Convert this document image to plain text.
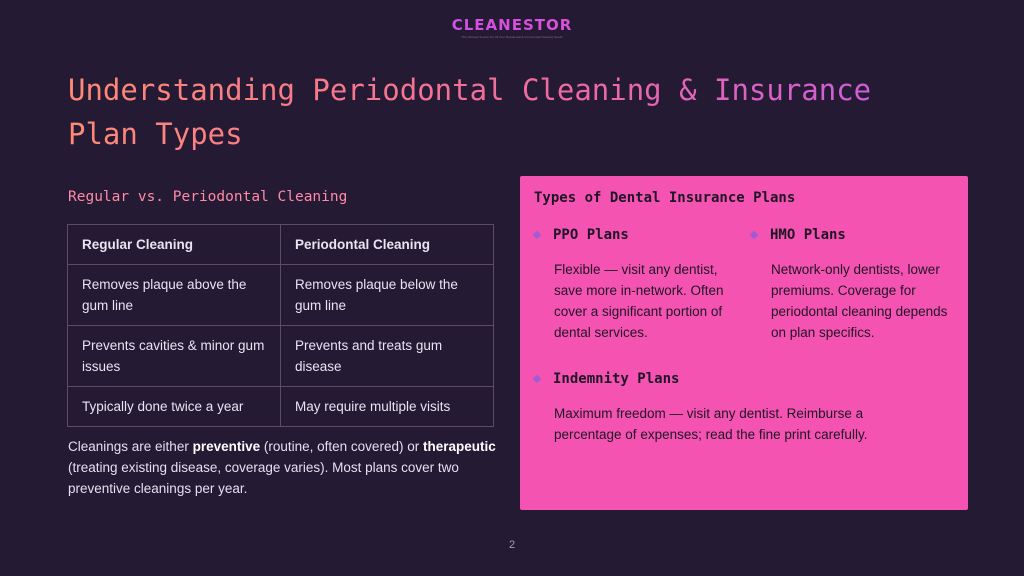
CLEANESTOR
The Ultimate Source For All Your Residential & Commercial Cleaning Needs
Understanding Periodontal Cleaning & Insurance Plan Types
Regular vs. Periodontal Cleaning
Regular Cleaning	Periodontal Cleaning
Removes plaque above the gum line	Removes plaque below the gum line
Prevents cavities & minor gum issues	Prevents and treats gum disease
Typically done twice a year	May require multiple visits

Cleanings are either preventive (routine, often covered) or therapeutic (treating existing disease, coverage varies). Most plans cover two preventive cleanings per year.

Types of Dental Insurance Plans
PPO Plans

Flexible — visit any dentist, save more in-network. Often cover a significant portion of dental services.

HMO Plans

Network-only dentists, lower premiums. Coverage for periodontal cleaning depends on plan specifics.

Indemnity Plans

Maximum freedom — visit any dentist. Reimburse a percentage of expenses; read the fine print carefully.

2
